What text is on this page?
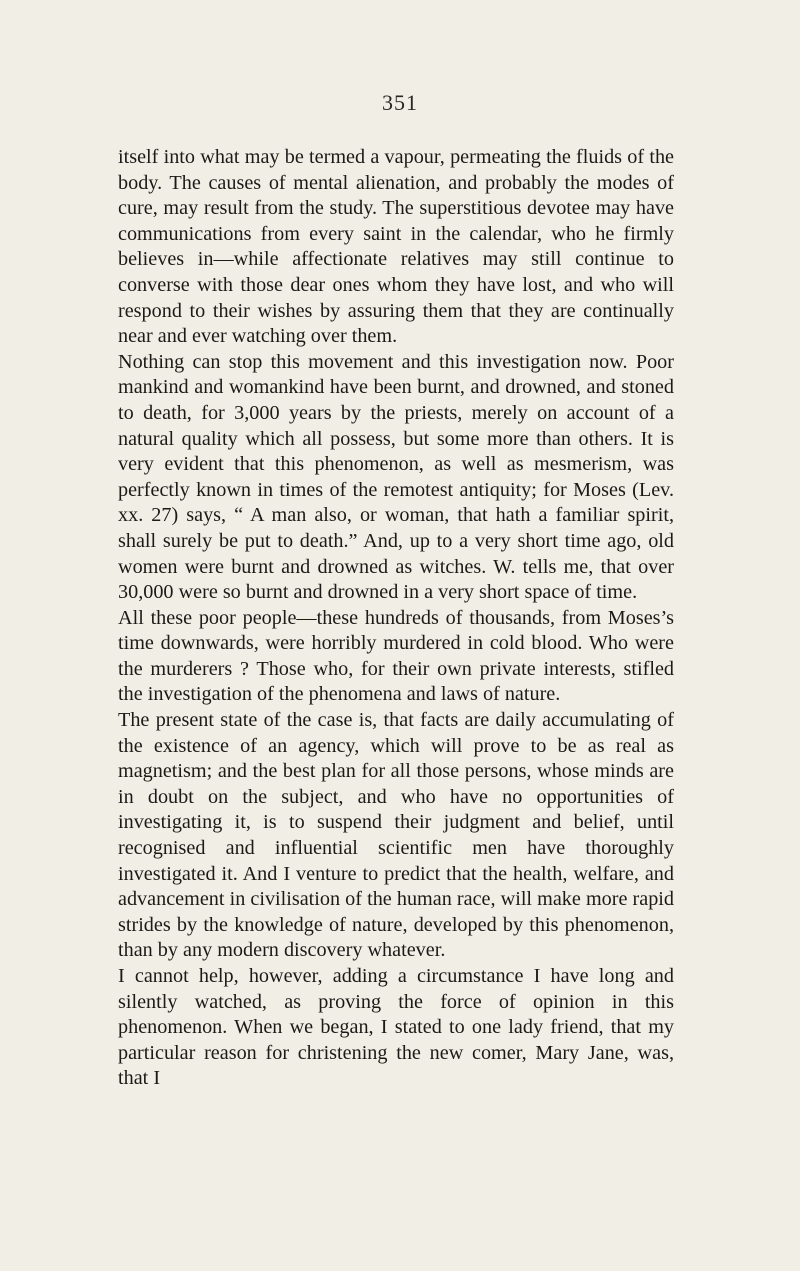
351

itself into what may be termed a vapour, permeating the fluids of the body. The causes of mental alienation, and probably the modes of cure, may result from the study. The superstitious devotee may have communications from every saint in the calendar, who he firmly believes in—while affectionate relatives may still continue to converse with those dear ones whom they have lost, and who will respond to their wishes by assuring them that they are continually near and ever watching over them.

Nothing can stop this movement and this investigation now. Poor mankind and womankind have been burnt, and drowned, and stoned to death, for 3,000 years by the priests, merely on account of a natural quality which all possess, but some more than others. It is very evident that this phenomenon, as well as mesmerism, was perfectly known in times of the remotest antiquity; for Moses (Lev. xx. 27) says, “ A man also, or woman, that hath a familiar spirit, shall surely be put to death.” And, up to a very short time ago, old women were burnt and drowned as witches. W. tells me, that over 30,000 were so burnt and drowned in a very short space of time.

All these poor people—these hundreds of thousands, from Moses’s time downwards, were horribly murdered in cold blood. Who were the murderers ? Those who, for their own private interests, stifled the investigation of the phenomena and laws of nature.

The present state of the case is, that facts are daily accumulating of the existence of an agency, which will prove to be as real as magnetism; and the best plan for all those persons, whose minds are in doubt on the subject, and who have no opportunities of investigating it, is to suspend their judgment and belief, until recognised and influential scientific men have thoroughly investigated it. And I venture to predict that the health, welfare, and advancement in civilisation of the human race, will make more rapid strides by the knowledge of nature, developed by this phenomenon, than by any modern discovery whatever.

I cannot help, however, adding a circumstance I have long and silently watched, as proving the force of opinion in this phenomenon. When we began, I stated to one lady friend, that my particular reason for christening the new comer, Mary Jane, was, that I
